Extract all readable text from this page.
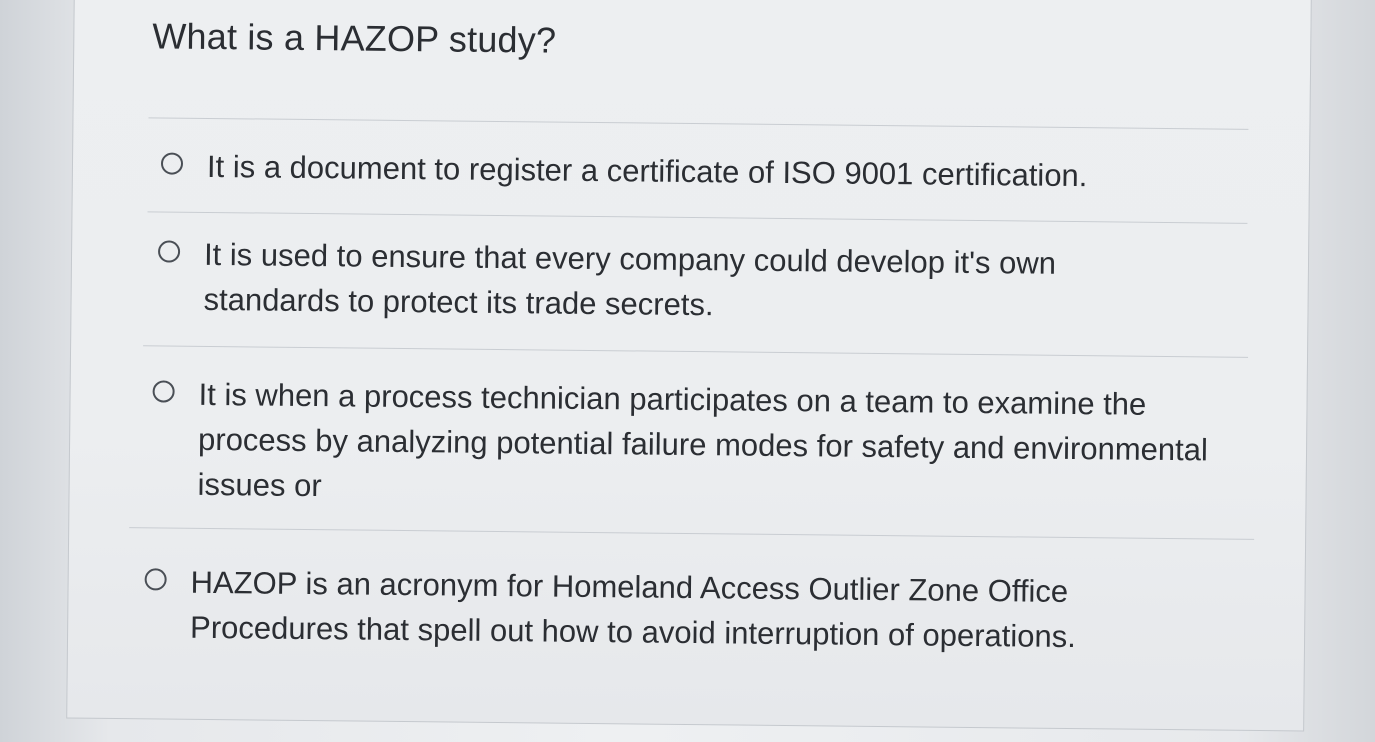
What is a HAZOP study?
It is a document to register a certificate of ISO 9001 certification.
It is used to ensure that every company could develop it's own standards to protect its trade secrets.
It is when a process technician participates on a team to examine the process by analyzing potential failure modes for safety and environmental issues or
HAZOP is an acronym for Homeland Access Outlier Zone Office Procedures that spell out how to avoid interruption of operations.
